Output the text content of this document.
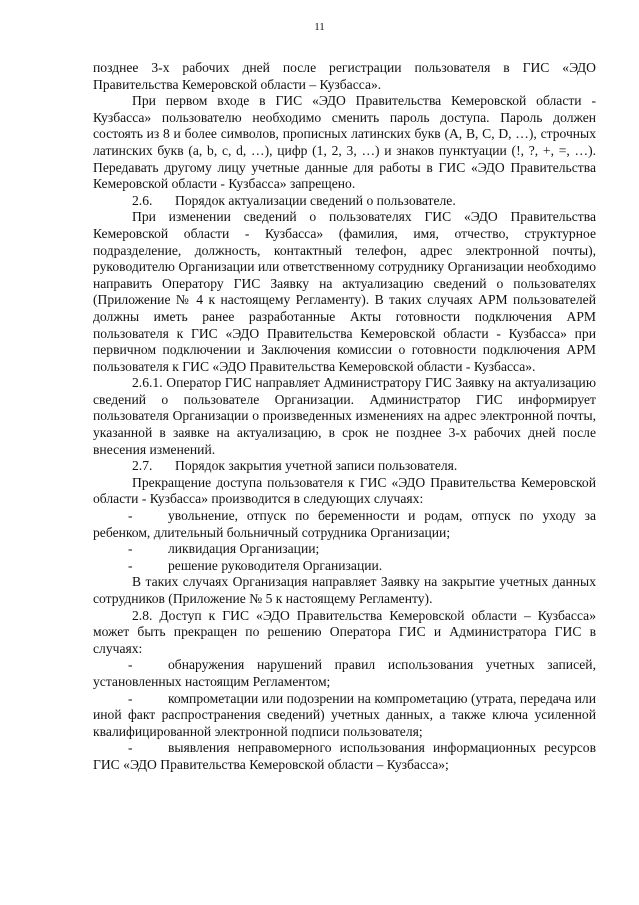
11

позднее 3-х рабочих дней после регистрации пользователя в ГИС «ЭДО Правительства Кемеровской области – Кузбасса».

При первом входе в ГИС «ЭДО Правительства Кемеровской области - Кузбасса» пользователю необходимо сменить пароль доступа. Пароль должен состоять из 8 и более символов, прописных латинских букв (A, B, C, D, …), строчных латинских букв (a, b, c, d, …), цифр (1, 2, 3, …) и знаков пунктуации (!, ?, +, =, …). Передавать другому лицу учетные данные для работы в ГИС «ЭДО Правительства Кемеровской области - Кузбасса» запрещено.

2.6.	Порядок актуализации сведений о пользователе.

При изменении сведений о пользователях ГИС «ЭДО Правительства Кемеровской области - Кузбасса» (фамилия, имя, отчество, структурное подразделение, должность, контактный телефон, адрес электронной почты), руководителю Организации или ответственному сотруднику Организации необходимо направить Оператору ГИС Заявку на актуализацию сведений о пользователях (Приложение № 4 к настоящему Регламенту). В таких случаях АРМ пользователей должны иметь ранее разработанные Акты готовности подключения АРМ пользователя к ГИС «ЭДО Правительства Кемеровской области - Кузбасса» при первичном подключении и Заключения комиссии о готовности подключения АРМ пользователя к ГИС «ЭДО Правительства Кемеровской области - Кузбасса».

2.6.1. Оператор ГИС направляет Администратору ГИС Заявку на актуализацию сведений о пользователе Организации. Администратор ГИС информирует пользователя Организации о произведенных изменениях на адрес электронной почты, указанной в заявке на актуализацию, в срок не позднее 3-х рабочих дней после внесения изменений.

2.7.	Порядок закрытия учетной записи пользователя.

Прекращение доступа пользователя к ГИС «ЭДО Правительства Кемеровской области - Кузбасса» производится в следующих случаях:

-	увольнение, отпуск по беременности и родам, отпуск по уходу за ребенком, длительный больничный сотрудника Организации;

-	ликвидация Организации;

-	решение руководителя Организации.

В таких случаях Организация направляет Заявку на закрытие учетных данных сотрудников (Приложение № 5 к настоящему Регламенту).

2.8. Доступ к ГИС «ЭДО Правительства Кемеровской области – Кузбасса» может быть прекращен по решению Оператора ГИС и Администратора ГИС в случаях:

-	обнаружения нарушений правил использования учетных записей, установленных настоящим Регламентом;

-	компрометации или подозрении на компрометацию (утрата, передача или иной факт распространения сведений) учетных данных, а также ключа усиленной квалифицированной электронной подписи пользователя;

-	выявления неправомерного использования информационных ресурсов ГИС «ЭДО Правительства Кемеровской области – Кузбасса»;
